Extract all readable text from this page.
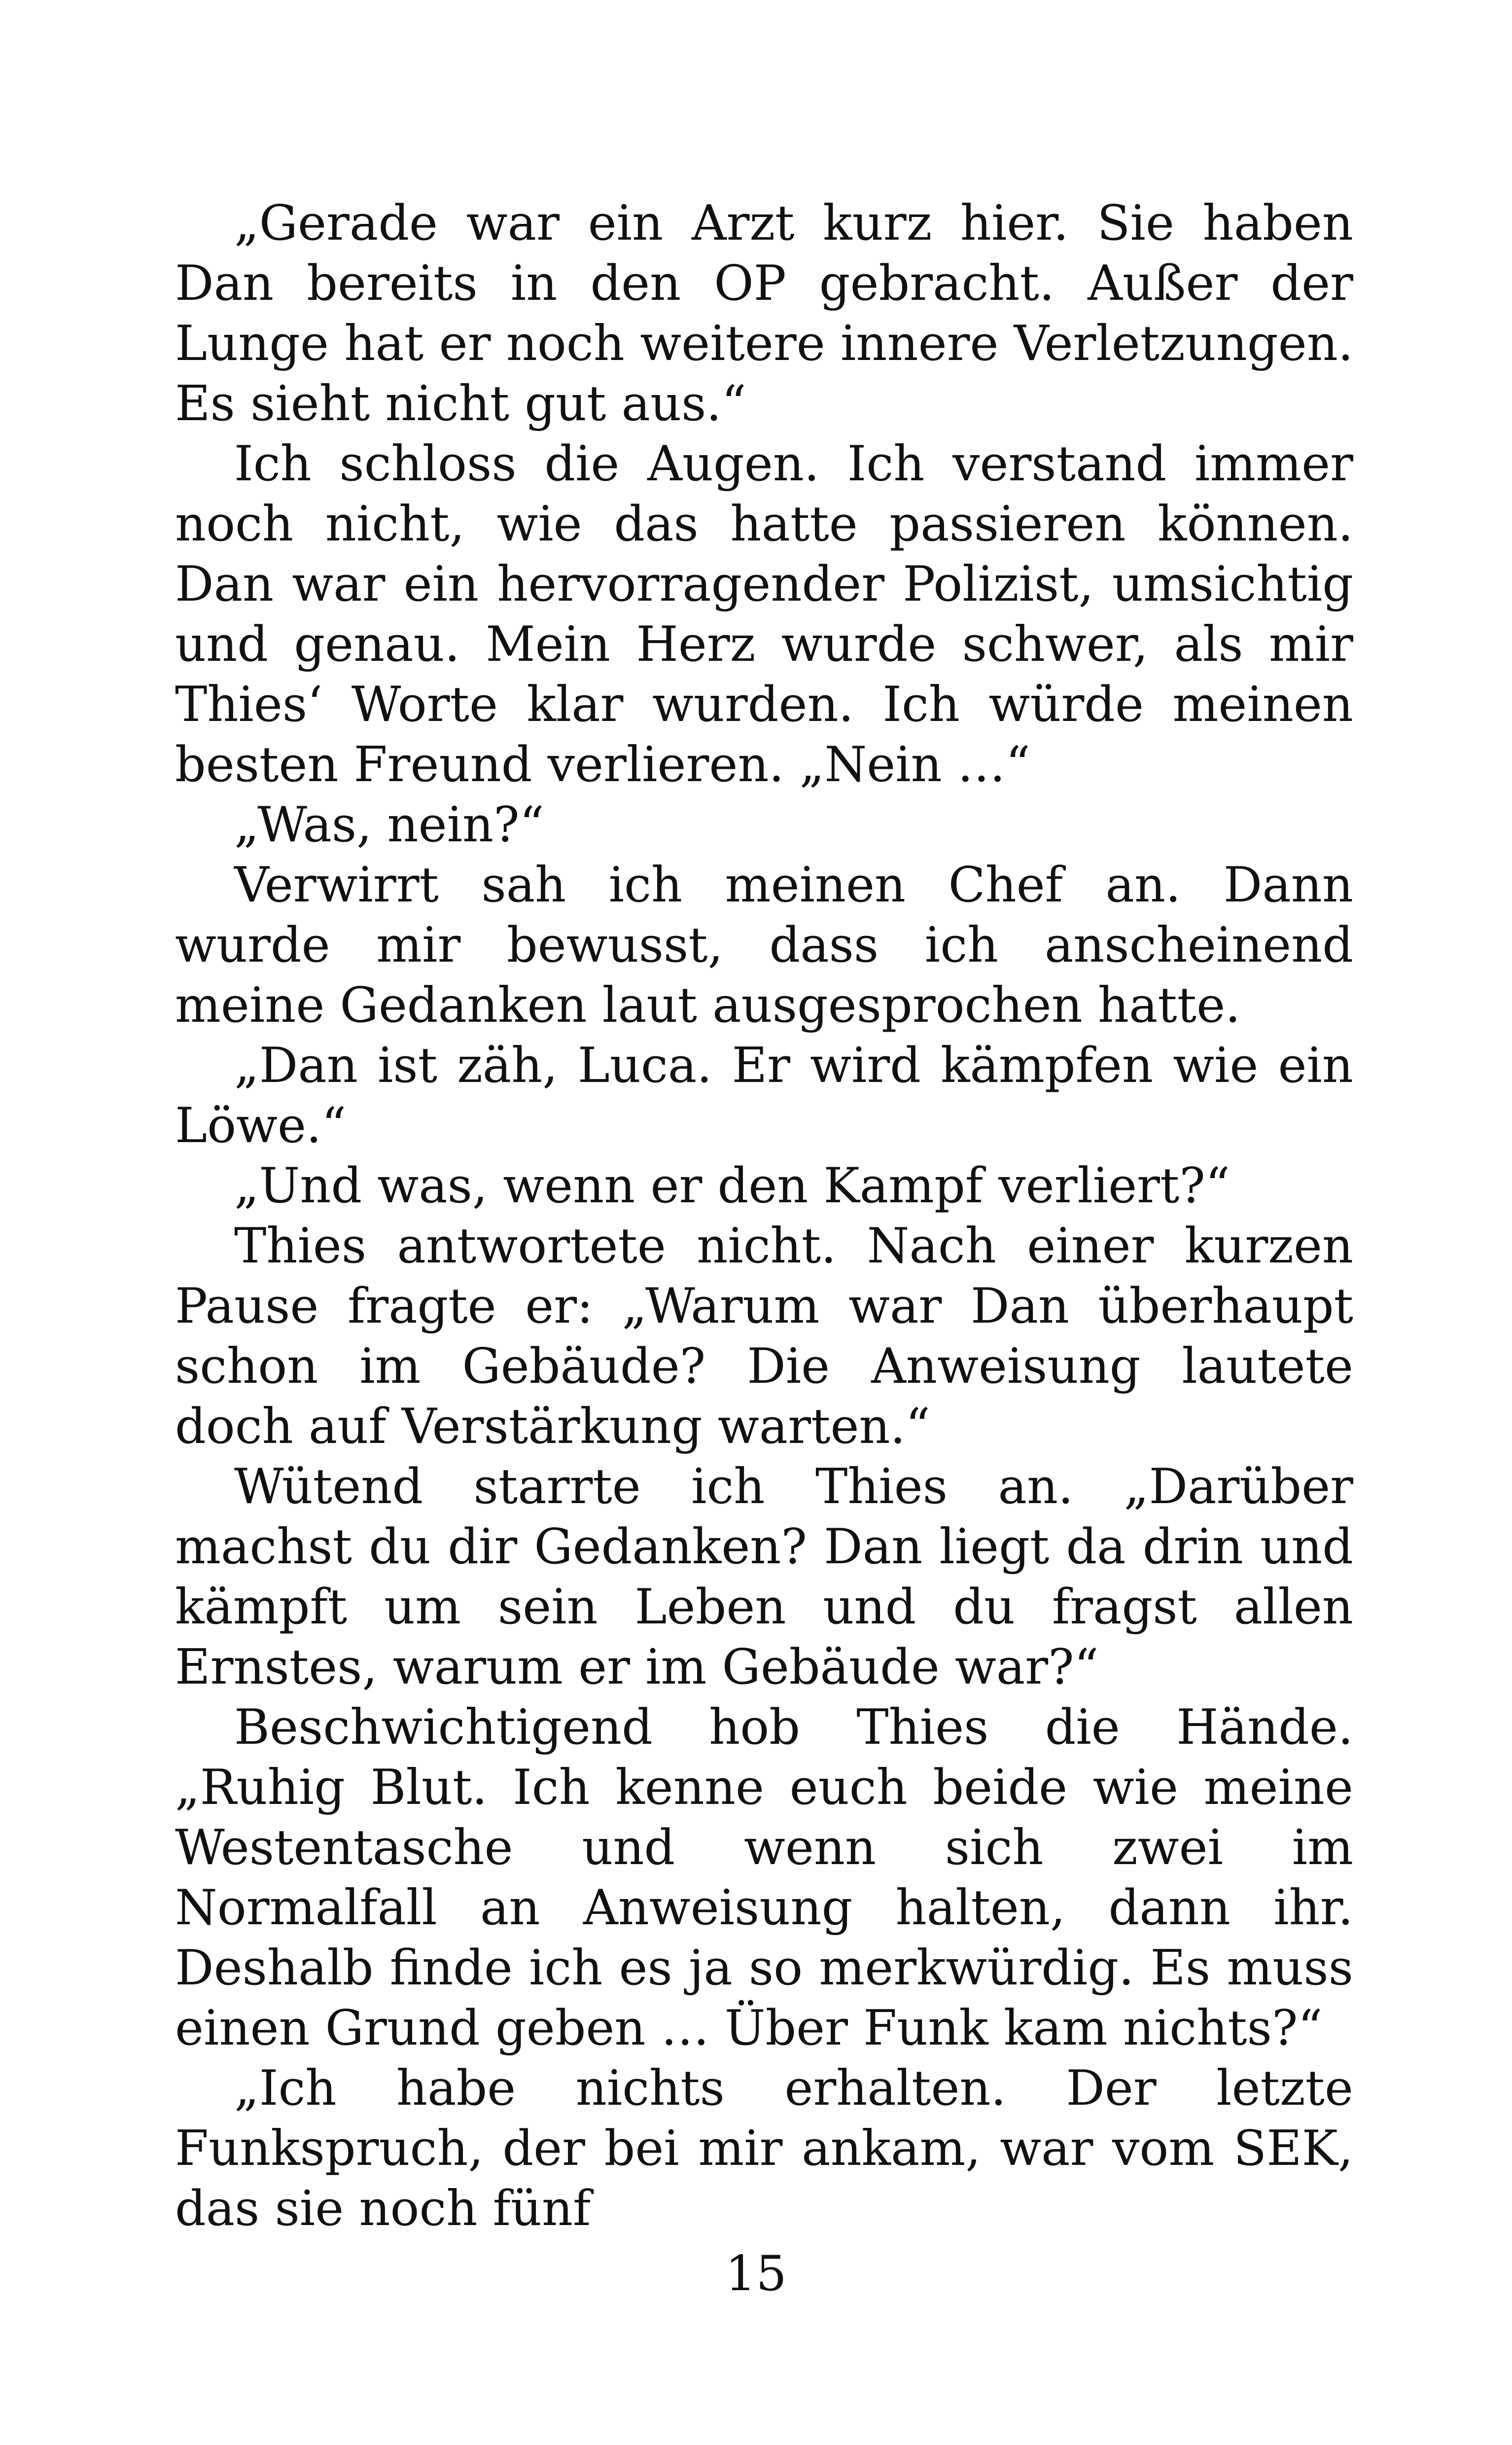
„Gerade war ein Arzt kurz hier. Sie haben Dan bereits in den OP gebracht. Außer der Lunge hat er noch weitere innere Verletzungen. Es sieht nicht gut aus.“

Ich schloss die Augen. Ich verstand immer noch nicht, wie das hatte passieren können. Dan war ein hervorragender Polizist, umsichtig und genau. Mein Herz wurde schwer, als mir Thies‘ Worte klar wurden. Ich würde meinen besten Freund verlieren. „Nein …“

„Was, nein?“

Verwirrt sah ich meinen Chef an. Dann wurde mir bewusst, dass ich anscheinend meine Gedanken laut ausgesprochen hatte.

„Dan ist zäh, Luca. Er wird kämpfen wie ein Löwe.“

„Und was, wenn er den Kampf verliert?“

Thies antwortete nicht. Nach einer kurzen Pause fragte er: „Warum war Dan überhaupt schon im Gebäude? Die Anweisung lautete doch auf Verstärkung warten.“

Wütend starrte ich Thies an. „Darüber machst du dir Gedanken? Dan liegt da drin und kämpft um sein Leben und du fragst allen Ernstes, warum er im Gebäude war?“

Beschwichtigend hob Thies die Hände. „Ruhig Blut. Ich kenne euch beide wie meine Westentasche und wenn sich zwei im Normalfall an Anweisung halten, dann ihr. Deshalb finde ich es ja so merkwürdig. Es muss einen Grund geben … Über Funk kam nichts?“

„Ich habe nichts erhalten. Der letzte Funkspruch, der bei mir ankam, war vom SEK, das sie noch fünf

15
